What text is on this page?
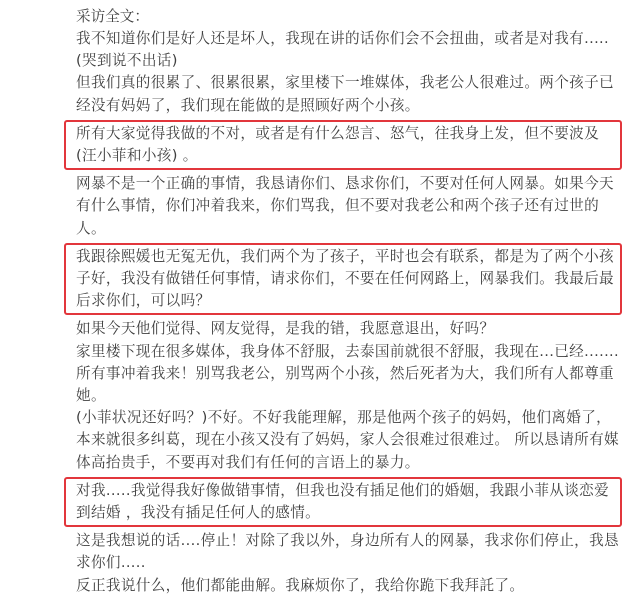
采访全文：

我不知道你们是好人还是坏人，我现在讲的话你们会不会扭曲，或者是对我有.....

(哭到说不出话)

但我们真的很累了、很累很累，家里楼下一堆媒体，我老公人很难过。两个孩子已经没有妈妈了，我们现在能做的是照顾好两个小孩。

所有大家觉得我做的不对，或者是有什么怨言、怒气，往我身上发，但不要波及(汪小菲和小孩) 。

网暴不是一个正确的事情，我恳请你们、恳求你们，不要对任何人网暴。如果今天有什么事情，你们冲着我来，你们骂我，但不要对我老公和两个孩子还有过世的人。

我跟徐熙媛也无冤无仇，我们两个为了孩子，平时也会有联系，都是为了两个小孩子好，我没有做错任何事情，请求你们，不要在任何网路上，网暴我们。我最后最后求你们，可以吗？

如果今天他们觉得、网友觉得，是我的错，我愿意退出，好吗？

家里楼下现在很多媒体，我身体不舒服，去泰国前就很不舒服，我现在...已经.......

所有事冲着我来！别骂我老公，别骂两个小孩，然后死者为大，我们所有人都尊重她。

(小菲状况还好吗？)不好。不好我能理解，那是他两个孩子的妈妈，他们离婚了，本来就很多纠葛，现在小孩又没有了妈妈，家人会很难过很难过。 所以恳请所有媒体高抬贵手，不要再对我们有任何的言语上的暴力。

对我.....我觉得我好像做错事情，但我也没有插足他们的婚姻，我跟小菲从谈恋爱到结婚 ，我没有插足任何人的感情。

这是我想说的话....停止！对除了我以外，身边所有人的网暴，我求你们停止，我恳求你们.....

反正我说什么，他们都能曲解。我麻烦你了，我给你跪下我拜託了。
